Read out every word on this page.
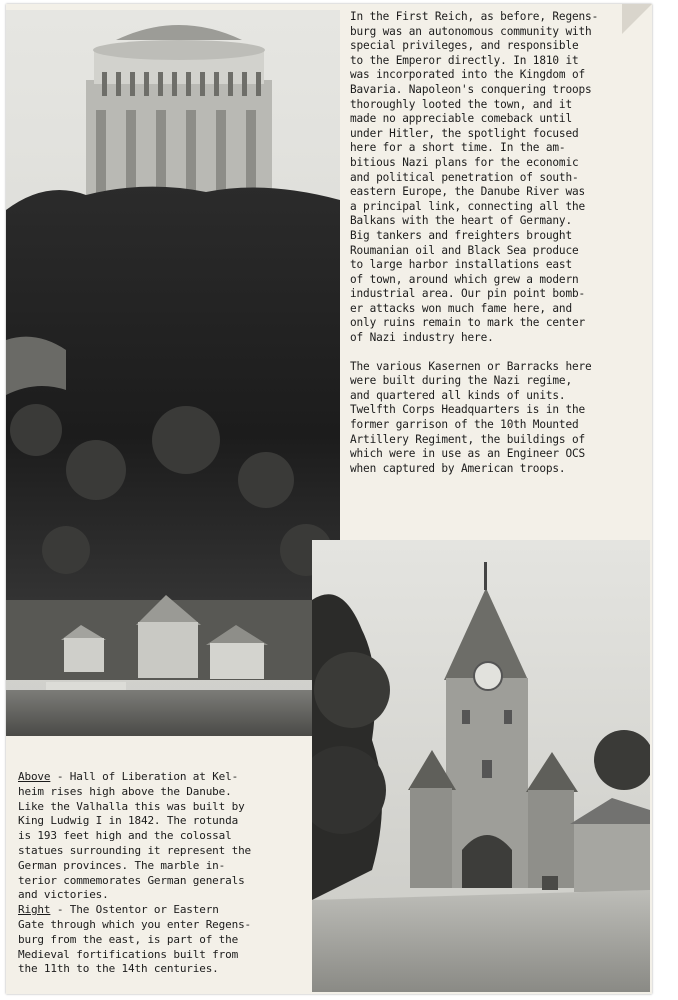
In the First Reich, as before, Regens-
burg was an autonomous community with
special privileges, and responsible
to the Emperor directly. In 1810 it
was incorporated into the Kingdom of
Bavaria. Napoleon's conquering troops
thoroughly looted the town, and it
made no appreciable comeback until
under Hitler, the spotlight focused
here for a short time. In the am-
bitious Nazi plans for the economic
and political penetration of south-
eastern Europe, the Danube River was
a principal link, connecting all the
Balkans with the heart of Germany.
Big tankers and freighters brought
Roumanian oil and Black Sea produce
to large harbor installations east
of town, around which grew a modern
industrial area. Our pin point bomb-
er attacks won much fame here, and
only ruins remain to mark the center
of Nazi industry here.

The various Kasernen or Barracks here
were built during the Nazi regime,
and quartered all kinds of units.
Twelfth Corps Headquarters is in the
former garrison of the 10th Mounted
Artillery Regiment, the buildings of
which were in use as an Engineer OCS
when captured by American troops.

Above - Hall of Liberation at Kel-
heim rises high above the Danube.
Like the Valhalla this was built by
King Ludwig I in 1842. The rotunda
is 193 feet high and the colossal
statues surrounding it represent the
German provinces. The marble in-
terior commemorates German generals
and victories.

Right - The Ostentor or Eastern
Gate through which you enter Regens-
burg from the east, is part of the
Medieval fortifications built from
the 11th to the 14th centuries.
